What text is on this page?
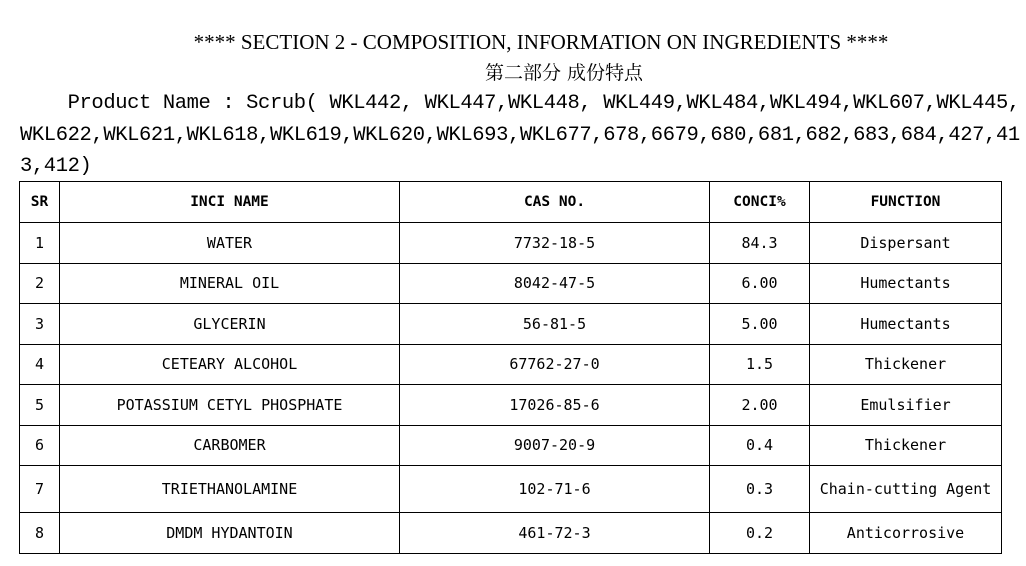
**** SECTION 2 - COMPOSITION, INFORMATION ON INGREDIENTS ****
第二部分 成份特点
Product Name : Scrub( WKL442, WKL447,WKL448, WKL449,WKL484,WKL494,WKL607,WKL445,WKL622,WKL621,WKL618,WKL619,WKL620,WKL693,WKL677,678,6679,680,681,682,683,684,427,413,412)
SR	INCI NAME	CAS NO.	CONCI%	FUNCTION
1	WATER	7732-18-5	84.3	Dispersant
2	MINERAL OIL	8042-47-5	6.00	Humectants
3	GLYCERIN	56-81-5	5.00	Humectants
4	CETEARY ALCOHOL	67762-27-0	1.5	Thickener
5	POTASSIUM CETYL PHOSPHATE	17026-85-6	2.00	Emulsifier
6	CARBOMER	9007-20-9	0.4	Thickener
7	TRIETHANOLAMINE	102-71-6	0.3	Chain-cutting Agent
8	DMDM HYDANTOIN	461-72-3	0.2	Anticorrosive
